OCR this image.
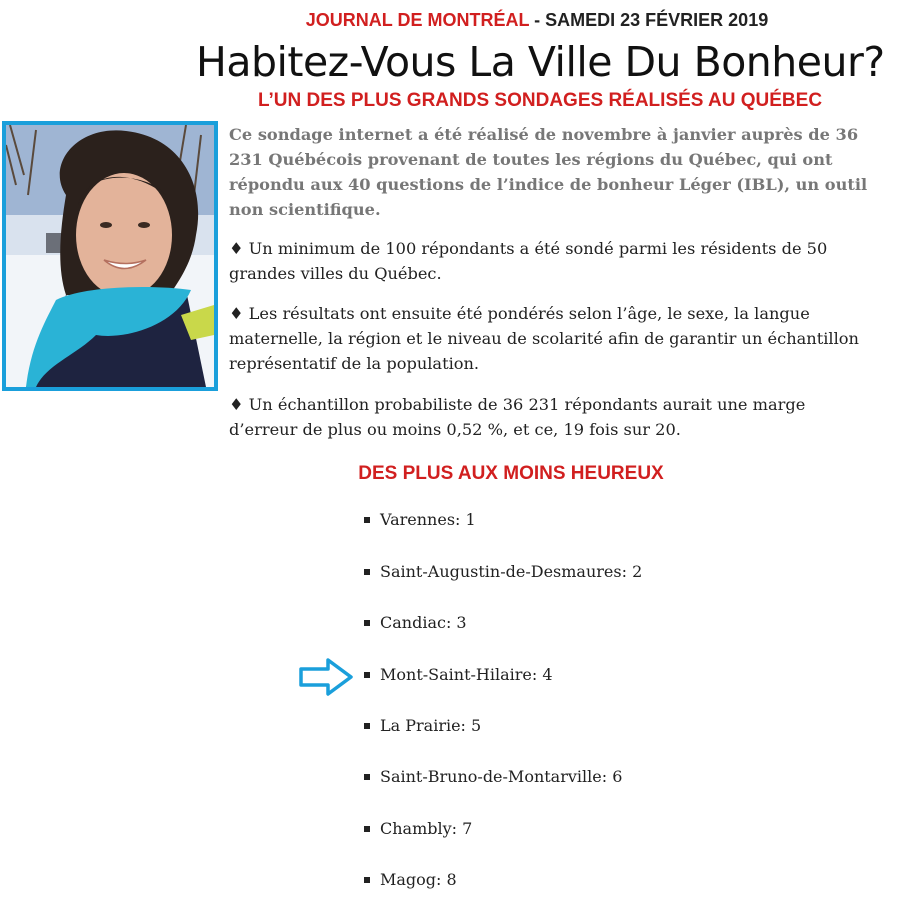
JOURNAL DE MONTRÉAL - SAMEDI 23 FÉVRIER 2019
Habitez-Vous La Ville Du Bonheur?
L’UN DES PLUS GRANDS SONDAGES RÉALISÉS AU QUÉBEC

Ce sondage internet a été réalisé de novembre à janvier auprès de 36 231 Québécois provenant de toutes les régions du Québec, qui ont répondu aux 40 questions de l’indice de bonheur Léger (IBL), un outil non scientifique.

♦ Un minimum de 100 répondants a été sondé parmi les résidents de 50 grandes villes du Québec.

♦ Les résultats ont ensuite été pondérés selon l’âge, le sexe, la langue maternelle, la région et le niveau de scolarité afin de garantir un échantillon représentatif de la population.

♦ Un échantillon probabiliste de 36 231 répondants aurait une marge d’erreur de plus ou moins 0,52 %, et ce, 19 fois sur 20.

DES PLUS AUX MOINS HEUREUX
Varennes: 1
Saint-Augustin-de-Desmaures: 2
Candiac: 3
Mont-Saint-Hilaire: 4
La Prairie: 5
Saint-Bruno-de-Montarville: 6
Chambly: 7
Magog: 8
